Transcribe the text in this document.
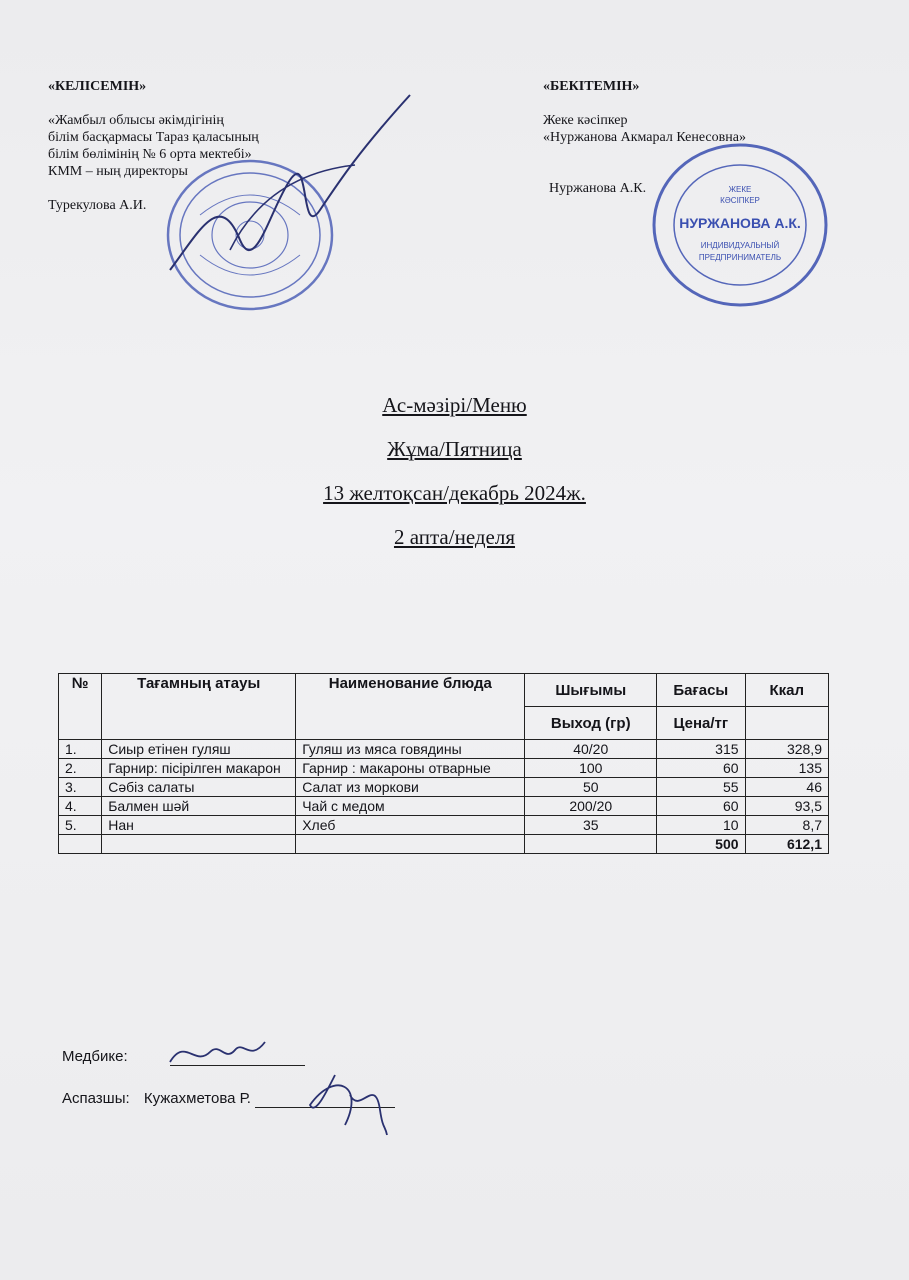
«КЕЛІСЕМІН»
«Жамбыл облысы әкімдігінің
білім басқармасы Тараз қаласының
білім бөлімінің № 6 орта мектебі»
КММ – ның директоры
Турекулова А.И.
«БЕКІТЕМІН»
Жеке кәсіпкер
«Нуржанова Акмарал Кенесовна»
Нуржанова А.К.	ЖЕКЕ
КӘСІПКЕР
НУРЖАНОВА А.К.
ИНДИВИДУАЛЬНЫЙ
ПРЕДПРИНИМАТЕЛЬ
Ас-мәзірі/Меню
Жұма/Пятница
13 желтоқсан/декабрь 2024ж.
2 апта/неделя
№	Тағамның атауы	Наименование блюда	Шығымы	Бағасы	Ккал
			Выход (гр)	Цена/тг	
1.	Сиыр етінен гуляш	Гуляш из мяса говядины	40/20	315	328,9
2.	Гарнир: пісірілген макарон	Гарнир : макароны отварные	100	60	135
3.	Сәбіз салаты	Салат из моркови	50	55	46
4.	Балмен шәй	Чай с медом	200/20	60	93,5
5.	Нан	Хлеб	35	10	8,7
				500	612,1
Медбике:
Аспазшы: Кужахметова Р.
